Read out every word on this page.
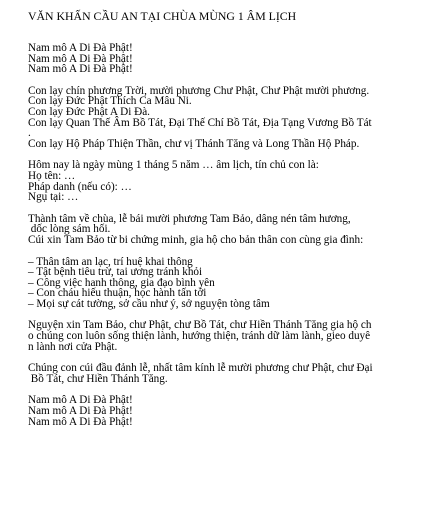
VĂN KHẤN CẦU AN TẠI CHÙA MÙNG 1 ÂM LỊCH
Nam mô A Di Đà Phật!
Nam mô A Di Đà Phật!
Nam mô A Di Đà Phật!
Con lạy chín phương Trời, mười phương Chư Phật, Chư Phật mười phương.
Con lạy Đức Phật Thích Ca Mâu Ni.
Con lạy Đức Phật A Di Đà.
Con lạy Quan Thế Âm Bồ Tát, Đại Thế Chí Bồ Tát, Địa Tạng Vương Bồ Tát
.
Con lạy Hộ Pháp Thiện Thần, chư vị Thánh Tăng và Long Thần Hộ Pháp.
Hôm nay là ngày mùng 1 tháng 5 năm … âm lịch, tín chủ con là:
Họ tên: …
Pháp danh (nếu có): …
Ngụ tại: …
Thành tâm về chùa, lễ bái mười phương Tam Bảo, dâng nén tâm hương,
dốc lòng sám hối.
Cúi xin Tam Bảo từ bi chứng minh, gia hộ cho bản thân con cùng gia đình:
– Thân tâm an lạc, trí huệ khai thông
– Tật bệnh tiêu trừ, tai ương tránh khỏi
– Công việc hanh thông, gia đạo bình yên
– Con cháu hiếu thuận, học hành tấn tới
– Mọi sự cát tường, sở cầu như ý, sở nguyện tòng tâm
Nguyện xin Tam Bảo, chư Phật, chư Bồ Tát, chư Hiền Thánh Tăng gia hộ ch
o chúng con luôn sống thiện lành, hướng thiện, tránh dữ làm lành, gieo duyê
n lành nơi cửa Phật.
Chúng con cúi đầu đảnh lễ, nhất tâm kính lễ mười phương chư Phật, chư Đại
Bồ Tát, chư Hiền Thánh Tăng.
Nam mô A Di Đà Phật!
Nam mô A Di Đà Phật!
Nam mô A Di Đà Phật!
